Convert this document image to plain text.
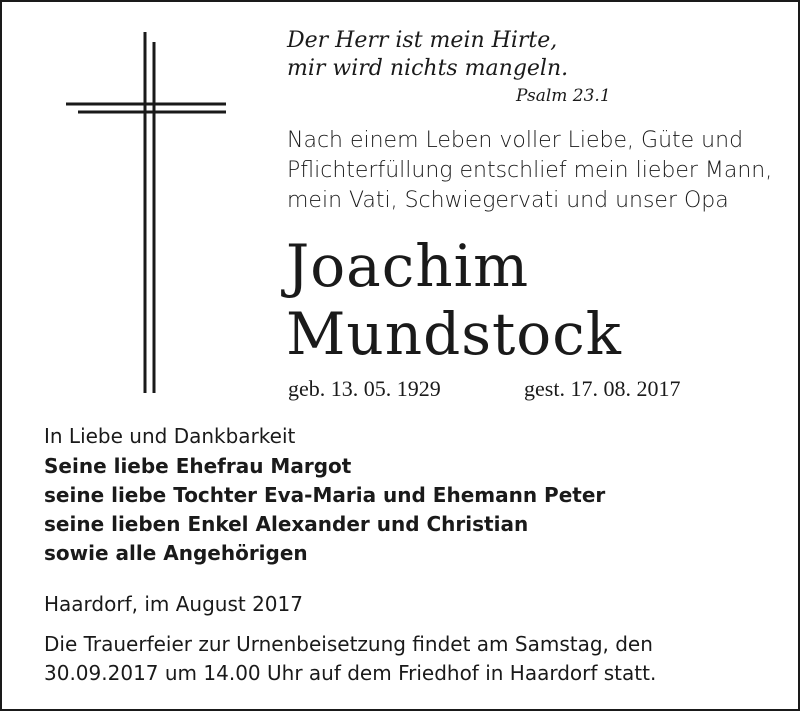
Der Herr ist mein Hirte,
mir wird nichts mangeln.
Psalm 23.1
Nach einem Leben voller Liebe, Güte und
Pflichterfüllung entschlief mein lieber Mann,
mein Vati, Schwiegervati und unser Opa
Joachim
Mundstock
geb. 13. 05. 1929	gest. 17. 08. 2017
In Liebe und Dankbarkeit
Seine liebe Ehefrau Margot
seine liebe Tochter Eva-Maria und Ehemann Peter
seine lieben Enkel Alexander und Christian
sowie alle Angehörigen
Haardorf, im August 2017
Die Trauerfeier zur Urnenbeisetzung findet am Samstag, den
30.09.2017 um 14.00 Uhr auf dem Friedhof in Haardorf statt.
